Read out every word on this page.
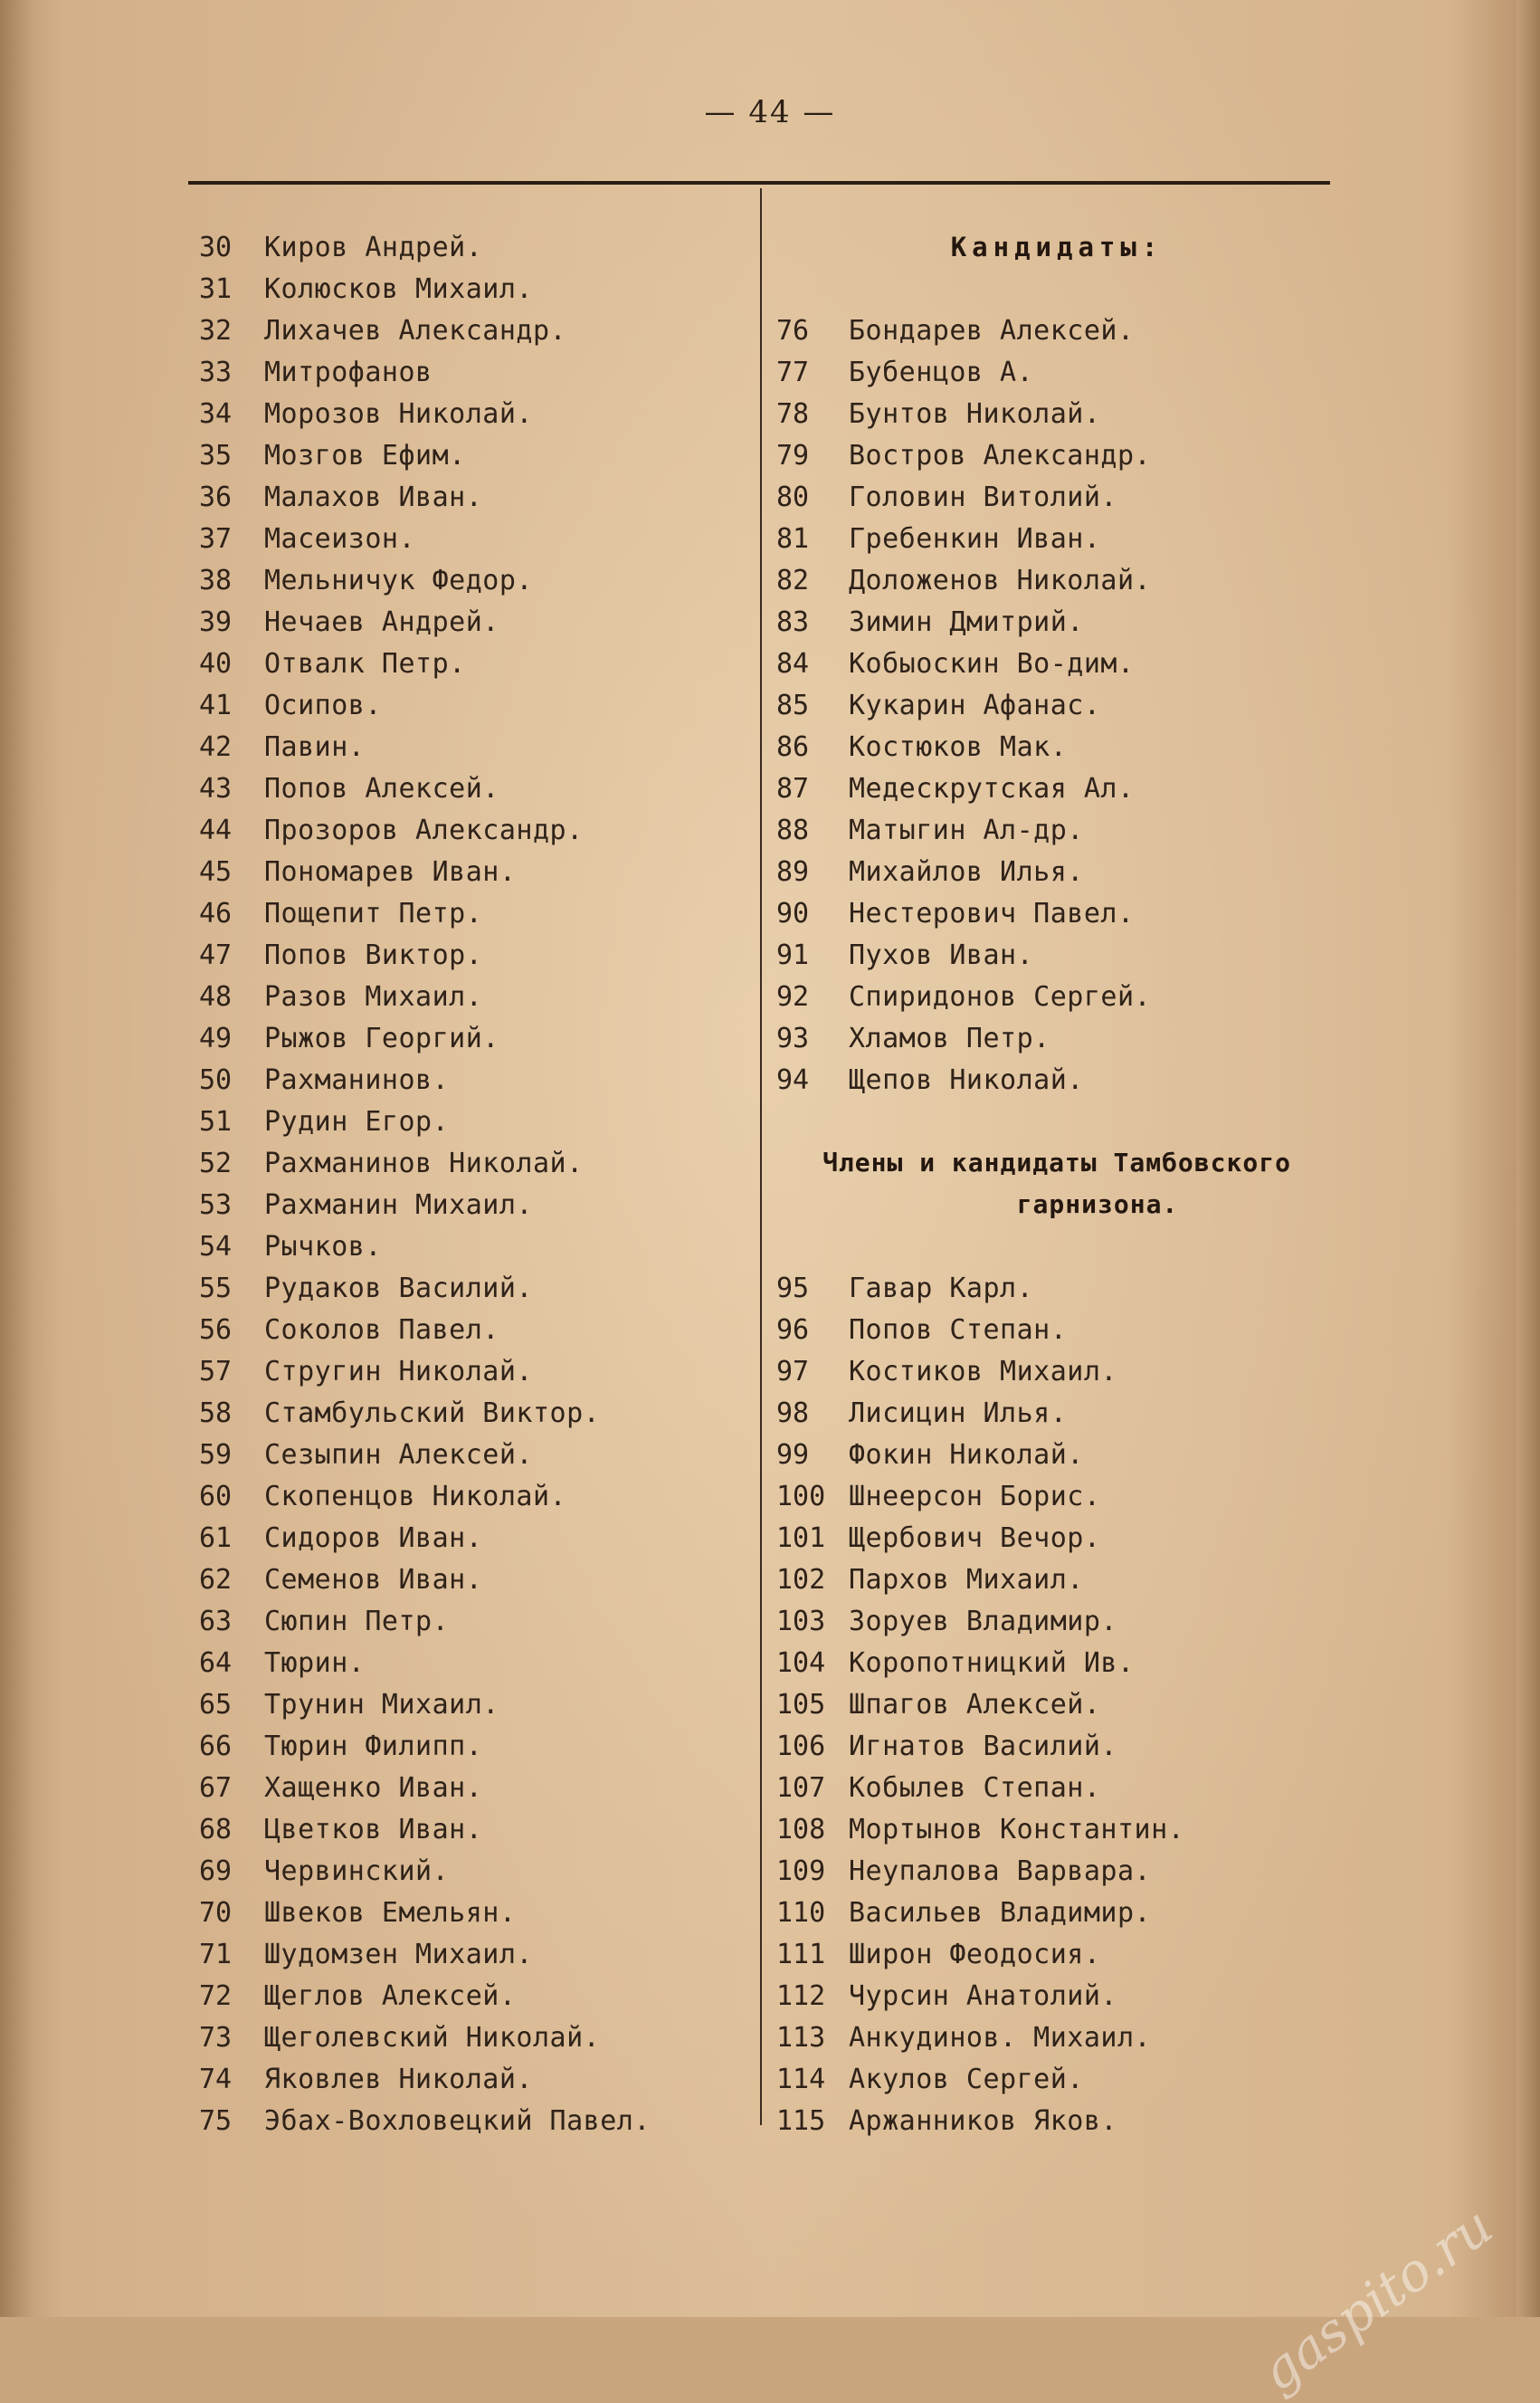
— 44 —
30	Киров Андрей.
31	Колюсков Михаил.
32	Лихачев Александр.
33	Митрофанов
34	Морозов Николай.
35	Мозгов Ефим.
36	Малахов Иван.
37	Масеизон.
38	Мельничук Федор.
39	Нечаев Андрей.
40	Отвалк Петр.
41	Осипов.
42	Павин.
43	Попов Алексей.
44	Прозоров Александр.
45	Пономарев Иван.
46	Пощепит Петр.
47	Попов Виктор.
48	Разов Михаил.
49	Рыжов Георгий.
50	Рахманинов.
51	Рудин Егор.
52	Рахманинов Николай.
53	Рахманин Михаил.
54	Рычков.
55	Рудаков Василий.
56	Соколов Павел.
57	Стругин Николай.
58	Стамбульский Виктор.
59	Сезыпин Алексей.
60	Скопенцов Николай.
61	Сидоров Иван.
62	Семенов Иван.
63	Сюпин Петр.
64	Тюрин.
65	Трунин Михаил.
66	Тюрин Филипп.
67	Хащенко Иван.
68	Цветков Иван.
69	Червинский.
70	Швеков Емельян.
71	Шудомзен Михаил.
72	Щеглов Алексей.
73	Щеголевский Николай.
74	Яковлев Николай.
75	Эбах-Вохловецкий Павел.
Кандидаты:
76	Бондарев Алексей.
77	Бубенцов А.
78	Бунтов Николай.
79	Востров Александр.
80	Головин Витолий.
81	Гребенкин Иван.
82	Доложенов Николай.
83	Зимин Дмитрий.
84	Кобыоскин Во-дим.
85	Кукарин Афанас.
86	Костюков Мак.
87	Медескрутская Ал.
88	Матыгин Ал-др.
89	Михайлов Илья.
90	Нестерович Павел.
91	Пухов Иван.
92	Спиридонов Сергей.
93	Хламов Петр.
94	Щепов Николай.
Члены и кандидаты Тамбовского
гарнизона.
95	Гавар Карл.
96	Попов Степан.
97	Костиков Михаил.
98	Лисицин Илья.
99	Фокин Николай.
100 Шнеерсон Борис.
101 Щербович Вечор.
102 Пархов Михаил.
103 Зоруев Владимир.
104 Коропотницкий Ив.
105 Шпагов Алексей.
106 Игнатов Василий.
107 Кобылев Степан.
108 Мортынов Константин.
109 Неупалова Варвара.
110 Васильев Владимир.
111 Широн Феодосия.
112 Чурсин Анатолий.
113 Анкудинов. Михаил.
114 Акулов Сергей.
115 Аржанников Яков.
gaspito.ru
